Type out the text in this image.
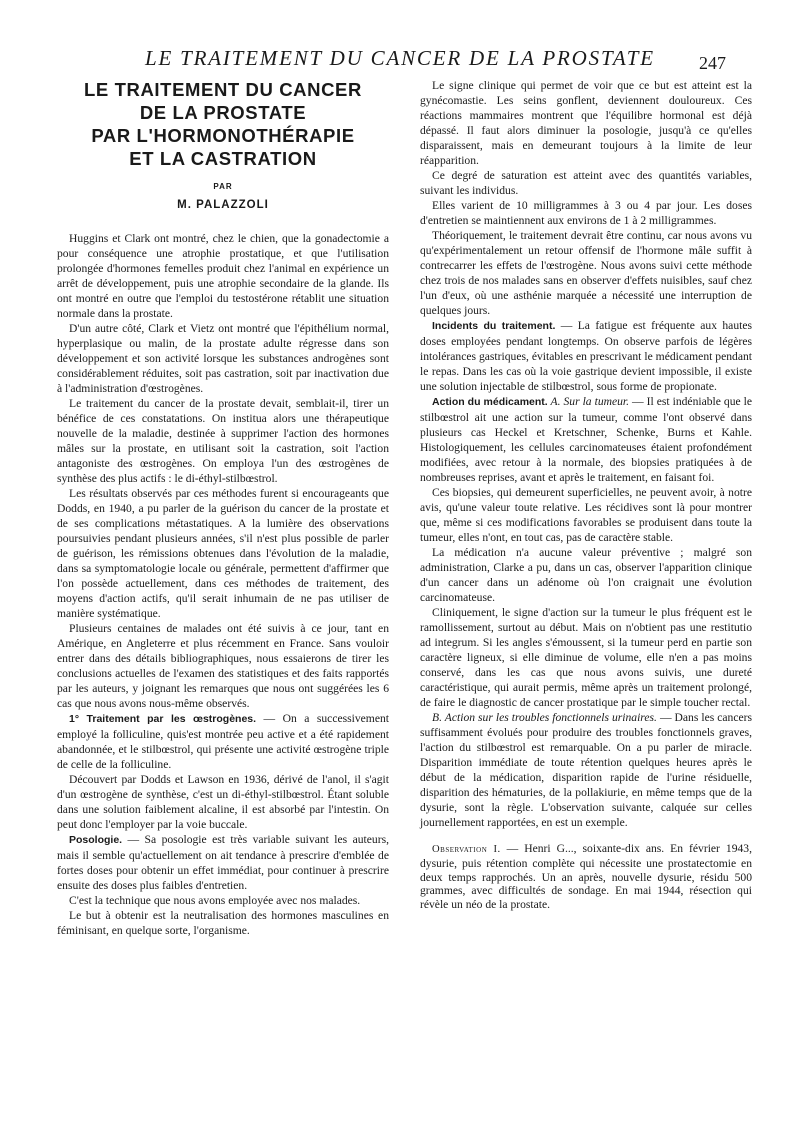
LE TRAITEMENT DU CANCER DE LA PROSTATE 247
LE TRAITEMENT DU CANCER
DE LA PROSTATE
PAR L'HORMONOTHÉRAPIE
ET LA CASTRATION
PAR
M. PALAZZOLI

Huggins et Clark ont montré, chez le chien, que la gonadectomie a pour conséquence une atrophie prostatique, et que l'utilisation prolongée d'hormones femelles produit chez l'animal en expérience un arrêt de développement, puis une atrophie secondaire de la glande. Ils ont montré en outre que l'emploi du testostérone rétablit une situation normale dans la prostate.

D'un autre côté, Clark et Vietz ont montré que l'épithélium normal, hyperplasique ou malin, de la prostate adulte régresse dans son développement et son activité lorsque les substances androgènes sont considérablement réduites, soit pas castration, soit par inactivation due à l'administration d'œstrogènes.

Le traitement du cancer de la prostate devait, semblait-il, tirer un bénéfice de ces constatations. On institua alors une thérapeutique nouvelle de la maladie, destinée à supprimer l'action des hormones mâles sur la prostate, en utilisant soit la castration, soit l'action antagoniste des œstrogènes. On employa l'un des œstrogènes de synthèse des plus actifs : le di-éthyl-stilbœstrol.

Les résultats observés par ces méthodes furent si encourageants que Dodds, en 1940, a pu parler de la guérison du cancer de la prostate et de ses complications métastatiques. A la lumière des observations poursuivies pendant plusieurs années, s'il n'est plus possible de parler de guérison, les rémissions obtenues dans l'évolution de la maladie, dans sa symptomatologie locale ou générale, permettent d'affirmer que l'on possède actuellement, dans ces méthodes de traitement, des moyens d'action actifs, qu'il serait inhumain de ne pas utiliser de manière systématique.

Plusieurs centaines de malades ont été suivis à ce jour, tant en Amérique, en Angleterre et plus récemment en France. Sans vouloir entrer dans des détails bibliographiques, nous essaierons de tirer les conclusions actuelles de l'examen des statistiques et des faits rapportés par les auteurs, y joignant les remarques que nous ont suggérées les 6 cas que nous avons nous-même observés.

1° Traitement par les œstrogènes. — On a successivement employé la folliculine, quis'est montrée peu active et a été rapidement abandonnée, et le stilbœstrol, qui présente une activité œstrogène triple de celle de la folliculine.

Découvert par Dodds et Lawson en 1936, dérivé de l'anol, il s'agit d'un œstrogène de synthèse, c'est un di-éthyl-stilbœstrol. Étant soluble dans une solution faiblement alcaline, il est absorbé par l'intestin. On peut donc l'employer par la voie buccale.

Posologie. — Sa posologie est très variable suivant les auteurs, mais il semble qu'actuellement on ait tendance à prescrire d'emblée de fortes doses pour obtenir un effet immédiat, pour continuer à prescrire ensuite des doses plus faibles d'entretien.

C'est la technique que nous avons employée avec nos malades.

Le but à obtenir est la neutralisation des hormones masculines en féminisant, en quelque sorte, l'organisme.

Le signe clinique qui permet de voir que ce but est atteint est la gynécomastie. Les seins gonflent, deviennent douloureux. Ces réactions mammaires montrent que l'équilibre hormonal est déjà dépassé. Il faut alors diminuer la posologie, jusqu'à ce qu'elles disparaissent, mais en demeurant toujours à la limite de leur réapparition.

Ce degré de saturation est atteint avec des quantités variables, suivant les individus.

Elles varient de 10 milligrammes à 3 ou 4 par jour. Les doses d'entretien se maintiennent aux environs de 1 à 2 milligrammes.

Théoriquement, le traitement devrait être continu, car nous avons vu qu'expérimentalement un retour offensif de l'hormone mâle suffit à contrecarrer les effets de l'œstrogène. Nous avons suivi cette méthode chez trois de nos malades sans en observer d'effets nuisibles, sauf chez l'un d'eux, où une asthénie marquée a nécessité une interruption de quelques jours.

Incidents du traitement. — La fatigue est fréquente aux hautes doses employées pendant longtemps. On observe parfois de légères intolérances gastriques, évitables en prescrivant le médicament pendant le repas. Dans les cas où la voie gastrique devient impossible, il existe une solution injectable de stilbœstrol, sous forme de propionate.

Action du médicament. A. Sur la tumeur. — Il est indéniable que le stilbœstrol ait une action sur la tumeur, comme l'ont observé dans plusieurs cas Heckel et Kretschner, Schenke, Burns et Kahle. Histologiquement, les cellules carcinomateuses étaient profondément modifiées, avec retour à la normale, des biopsies pratiquées à de nombreuses reprises, avant et après le traitement, en faisant foi.

Ces biopsies, qui demeurent superficielles, ne peuvent avoir, à notre avis, qu'une valeur toute relative. Les récidives sont là pour montrer que, même si ces modifications favorables se produisent dans toute la tumeur, elles n'ont, en tout cas, pas de caractère stable.

La médication n'a aucune valeur préventive ; malgré son administration, Clarke a pu, dans un cas, observer l'apparition clinique d'un cancer dans un adénome où l'on craignait une évolution carcinomateuse.

Cliniquement, le signe d'action sur la tumeur le plus fréquent est le ramollissement, surtout au début. Mais on n'obtient pas une restitutio ad integrum. Si les angles s'émoussent, si la tumeur perd en partie son caractère ligneux, si elle diminue de volume, elle n'en a pas moins conservé, dans les cas que nous avons suivis, une dureté caractéristique, qui aurait permis, même après un traitement prolongé, de faire le diagnostic de cancer prostatique par le simple toucher rectal.

B. Action sur les troubles fonctionnels urinaires. — Dans les cancers suffisamment évolués pour produire des troubles fonctionnels graves, l'action du stilbœstrol est remarquable. On a pu parler de miracle. Disparition immédiate de toute rétention quelques heures après le début de la médication, disparition rapide de l'urine résiduelle, disparition des hématuries, de la pollakiurie, en même temps que de la dysurie, sont la règle. L'observation suivante, calquée sur celles journellement rapportées, en est un exemple.

Observation I. — Henri G..., soixante-dix ans. En février 1943, dysurie, puis rétention complète qui nécessite une prostatectomie en deux temps rapprochés. Un an après, nouvelle dysurie, résidu 500 grammes, avec difficultés de sondage. En mai 1944, résection qui révèle un néo de la prostate.
